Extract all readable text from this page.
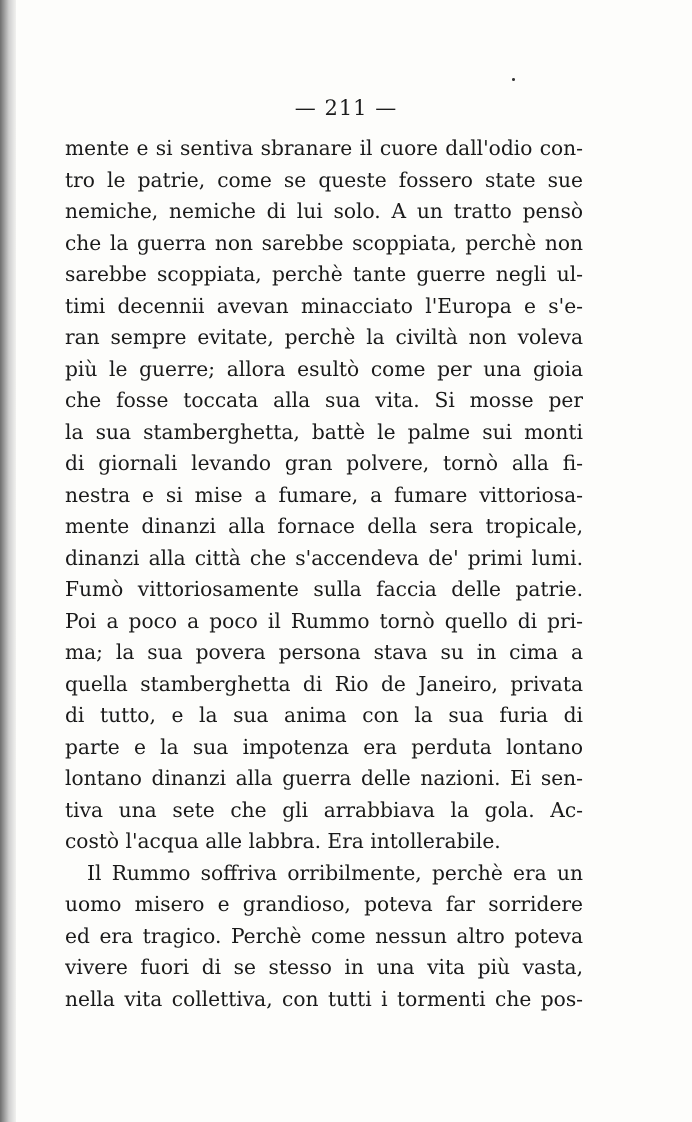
— 211 —
mente e si sentiva sbranare il cuore dall'odio con-
tro le patrie, come se queste fossero state sue
nemiche, nemiche di lui solo. A un tratto pensò
che la guerra non sarebbe scoppiata, perchè non
sarebbe scoppiata, perchè tante guerre negli ul-
timi decennii avevan minacciato l'Europa e s'e-
ran sempre evitate, perchè la civiltà non voleva
più le guerre; allora esultò come per una gioia
che fosse toccata alla sua vita. Si mosse per
la sua stamberghetta, battè le palme sui monti
di giornali levando gran polvere, tornò alla fi-
nestra e si mise a fumare, a fumare vittoriosa-
mente dinanzi alla fornace della sera tropicale,
dinanzi alla città che s'accendeva de' primi lumi.
Fumò vittoriosamente sulla faccia delle patrie.
Poi a poco a poco il Rummo tornò quello di pri-
ma; la sua povera persona stava su in cima a
quella stamberghetta di Rio de Janeiro, privata
di tutto, e la sua anima con la sua furia di
parte e la sua impotenza era perduta lontano
lontano dinanzi alla guerra delle nazioni. Ei sen-
tiva una sete che gli arrabbiava la gola. Ac-
costò l'acqua alle labbra. Era intollerabile.
Il Rummo soffriva orribilmente, perchè era un
uomo misero e grandioso, poteva far sorridere
ed era tragico. Perchè come nessun altro poteva
vivere fuori di se stesso in una vita più vasta,
nella vita collettiva, con tutti i tormenti che pos-
